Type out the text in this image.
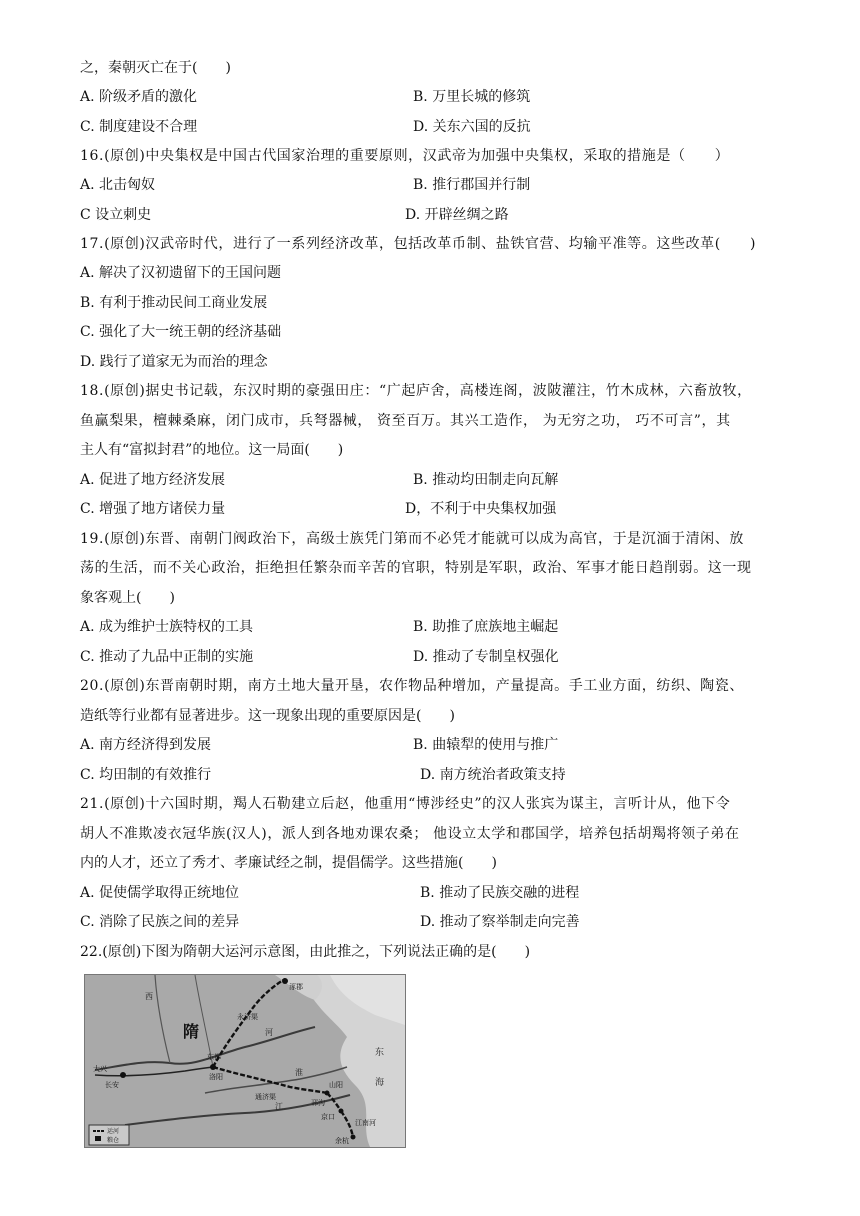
之，秦朝灭亡在于(　　)
A. 阶级矛盾的激化	B. 万里长城的修筑
C. 制度建设不合理	D. 关东六国的反抗
16.(原创)中央集权是中国古代国家治理的重要原则，汉武帝为加强中央集权，采取的措施是（　　）
A. 北击匈奴	B. 推行郡国并行制
C 设立刺史	D. 开辟丝绸之路
17.(原创)汉武帝时代，进行了一系列经济改革，包括改革币制、盐铁官营、均输平准等。这些改革(　　)
A. 解决了汉初遗留下的王国问题
B. 有利于推动民间工商业发展
C. 强化了大一统王朝的经济基础
D. 践行了道家无为而治的理念
18.(原创)据史书记载，东汉时期的豪强田庄：“广起庐舍，高楼连阁，波陂灌注，竹木成林，六畜放牧，
鱼赢梨果，檀棘桑麻，闭门成市，兵弩器械， 资至百万。其兴工造作， 为无穷之功， 巧不可言”，其
主人有“富拟封君”的地位。这一局面(　　)
A. 促进了地方经济发展	B. 推动均田制走向瓦解
C. 增强了地方诸侯力量	D，不利于中央集权加强
19.(原创)东晋、南朝门阀政治下，高级士族凭门第而不必凭才能就可以成为高官，于是沉湎于清闲、放
荡的生活，而不关心政治，拒绝担任繁杂而辛苦的官职，特别是军职，政治、军事才能日趋削弱。这一现
象客观上(　　)
A. 成为维护士族特权的工具	B. 助推了庶族地主崛起
C. 推动了九品中正制的实施	D. 推动了专制皇权强化
20.(原创)东晋南朝时期，南方土地大量开垦，农作物品种增加，产量提高。手工业方面，纺织、陶瓷、
造纸等行业都有显著进步。这一现象出现的重要原因是(　　)
A. 南方经济得到发展	B. 曲辕犁的使用与推广
C. 均田制的有效推行	D. 南方统治者政策支持
21.(原创)十六国时期，羯人石勒建立后赵，他重用“博涉经史”的汉人张宾为谋主，言听计从，他下令
胡人不准欺凌衣冠华族(汉人)，派人到各地劝课农桑； 他设立太学和郡国学，培养包括胡羯将领子弟在
内的人才，还立了秀才、孝廉试经之制，提倡儒学。这些措施(　　)
A. 促使儒学取得正统地位	B. 推动了民族交融的进程
C. 消除了民族之间的差异	D. 推动了察举制走向完善
22.(原创)下图为隋朝大运河示意图，由此推之，下列说法正确的是(　　)
隋
东都
洛阳
大兴
长安
通济渠
永济渠
山阳
邗沟
京口
江南河
余杭
涿郡
运河
粮仓
西
东
河
淮
江
海
